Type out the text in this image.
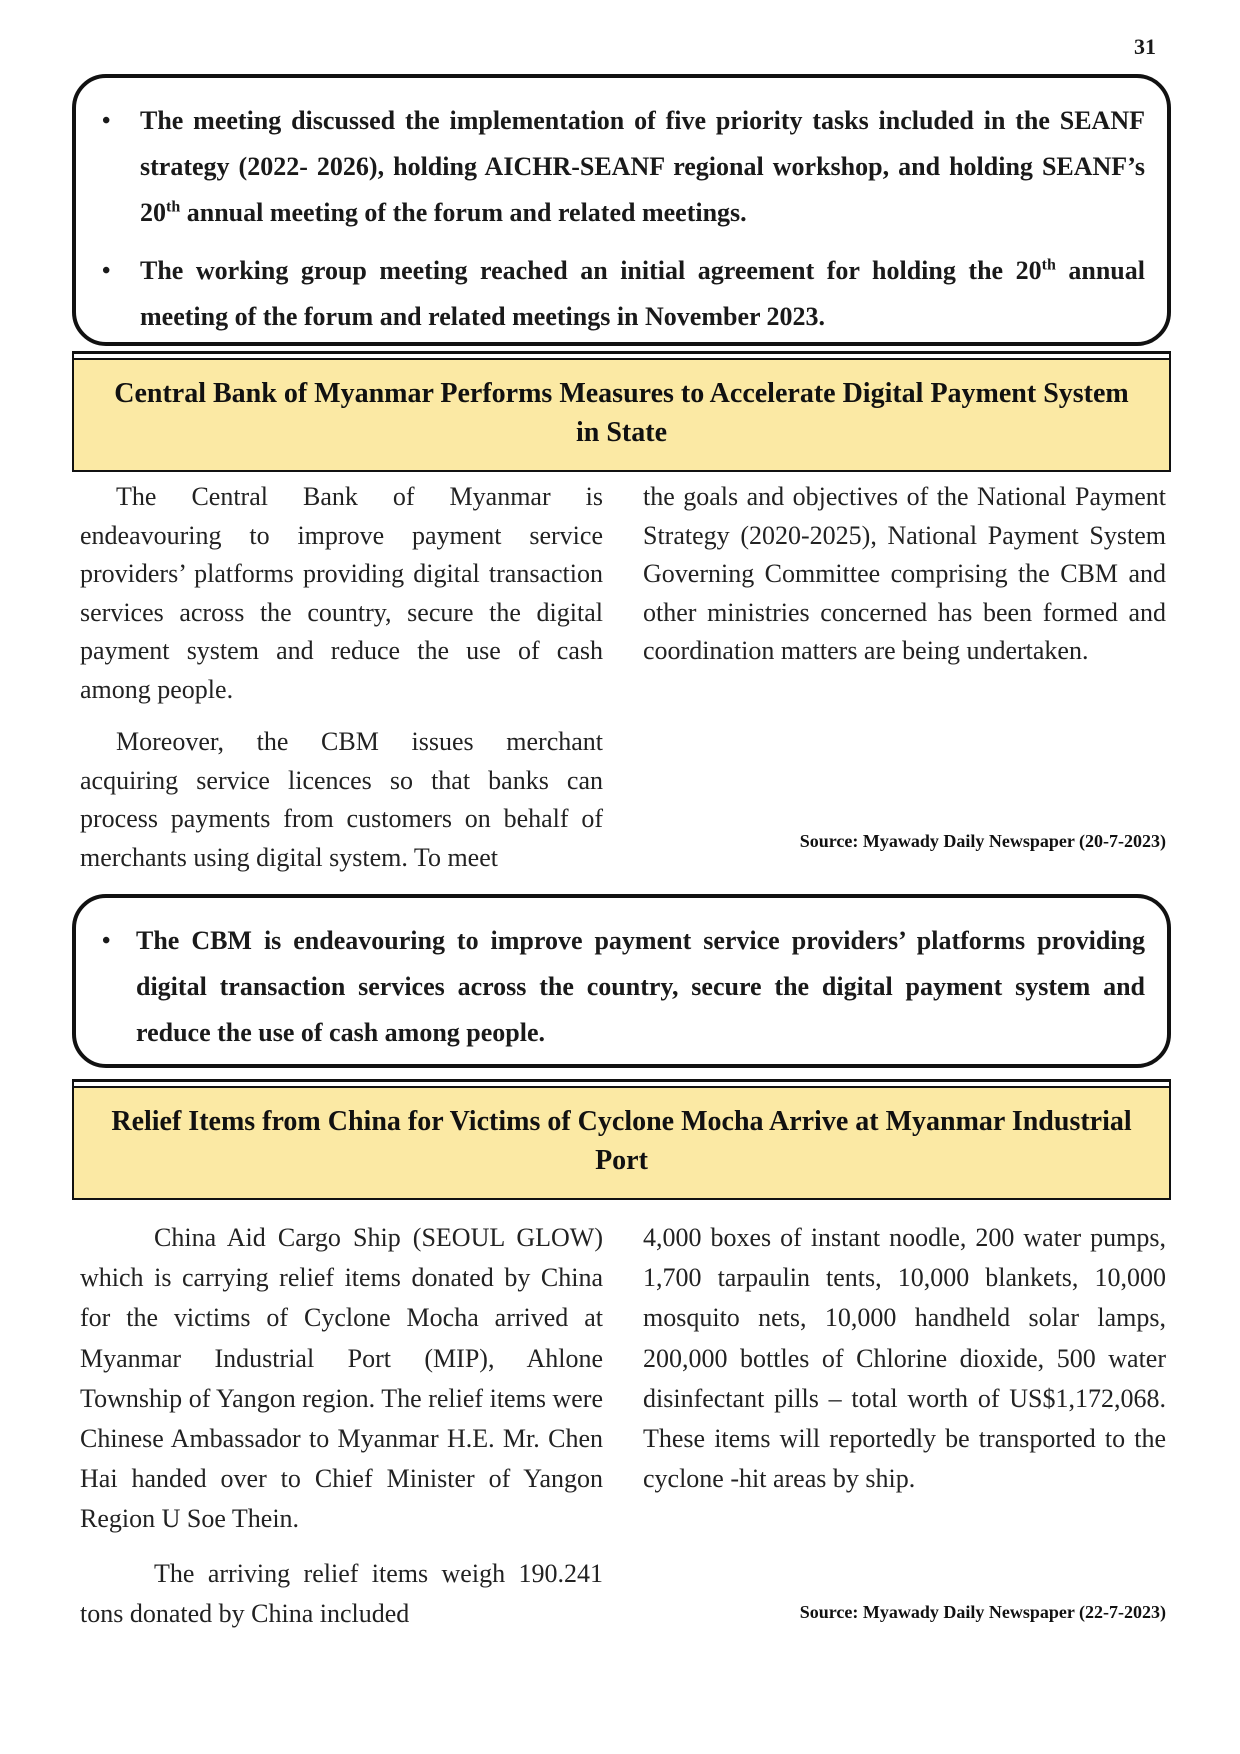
31
• The meeting discussed the implementation of five priority tasks included in the SEANF strategy (2022- 2026), holding AICHR-SEANF regional workshop, and holding SEANF’s 20th annual meeting of the forum and related meetings.
• The working group meeting reached an initial agreement for holding the 20th annual meeting of the forum and related meetings in November 2023.
Central Bank of Myanmar Performs Measures to Accelerate Digital Payment System in State

The Central Bank of Myanmar is endeavouring to improve payment service providers’ platforms providing digital transaction services across the country, secure the digital payment system and reduce the use of cash among people.

Moreover, the CBM issues merchant acquiring service licences so that banks can process payments from customers on behalf of merchants using digital system. To meet

the goals and objectives of the National Payment Strategy (2020-2025), National Payment System Governing Committee comprising the CBM and other ministries concerned has been formed and coordination matters are being undertaken.

Source: Myawady Daily Newspaper (20-7-2023)
• The CBM is endeavouring to improve payment service providers’ platforms providing digital transaction services across the country, secure the digital payment system and reduce the use of cash among people.
Relief Items from China for Victims of Cyclone Mocha Arrive at Myanmar Industrial Port

China Aid Cargo Ship (SEOUL GLOW) which is carrying relief items donated by China for the victims of Cyclone Mocha arrived at Myanmar Industrial Port (MIP), Ahlone Township of Yangon region. The relief items were Chinese Ambassador to Myanmar H.E. Mr. Chen Hai handed over to Chief Minister of Yangon Region U Soe Thein.

The arriving relief items weigh 190.241 tons donated by China included

4,000 boxes of instant noodle, 200 water pumps, 1,700 tarpaulin tents, 10,000 blankets, 10,000 mosquito nets, 10,000 handheld solar lamps, 200,000 bottles of Chlorine dioxide, 500 water disinfectant pills – total worth of US$1,172,068. These items will reportedly be transported to the cyclone -hit areas by ship.

Source: Myawady Daily Newspaper (22-7-2023)
